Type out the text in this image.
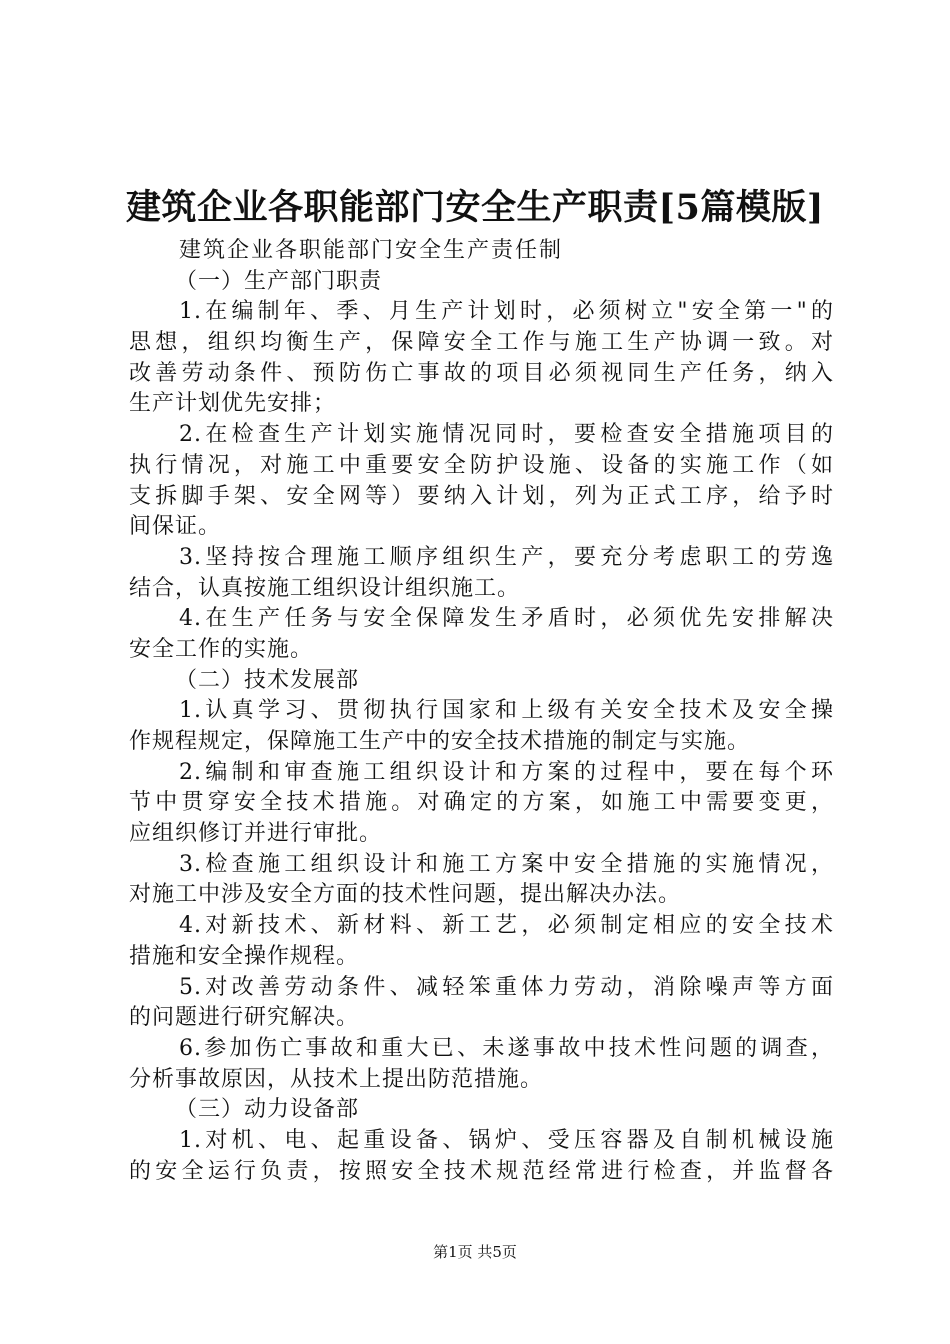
建筑企业各职能部门安全生产职责[5篇模版]
建筑企业各职能部门安全生产责任制
（一）生产部门职责
1.在编制年、季、月生产计划时，必须树立"安全第一"的
思想，组织均衡生产，保障安全工作与施工生产协调一致。对
改善劳动条件、预防伤亡事故的项目必须视同生产任务，纳入
生产计划优先安排；
2.在检查生产计划实施情况同时，要检查安全措施项目的
执行情况，对施工中重要安全防护设施、设备的实施工作（如
支拆脚手架、安全网等）要纳入计划，列为正式工序，给予时
间保证。
3.坚持按合理施工顺序组织生产，要充分考虑职工的劳逸
结合，认真按施工组织设计组织施工。
4.在生产任务与安全保障发生矛盾时，必须优先安排解决
安全工作的实施。
（二）技术发展部
1.认真学习、贯彻执行国家和上级有关安全技术及安全操
作规程规定，保障施工生产中的安全技术措施的制定与实施。
2.编制和审查施工组织设计和方案的过程中，要在每个环
节中贯穿安全技术措施。对确定的方案，如施工中需要变更，
应组织修订并进行审批。
3.检查施工组织设计和施工方案中安全措施的实施情况，
对施工中涉及安全方面的技术性问题，提出解决办法。
4.对新技术、新材料、新工艺，必须制定相应的安全技术
措施和安全操作规程。
5.对改善劳动条件、减轻笨重体力劳动，消除噪声等方面
的问题进行研究解决。
6.参加伤亡事故和重大已、未遂事故中技术性问题的调查，
分析事故原因，从技术上提出防范措施。
（三）动力设备部
1.对机、电、起重设备、锅炉、受压容器及自制机械设施
的安全运行负责，按照安全技术规范经常进行检查，并监督各
第1页 共5页
